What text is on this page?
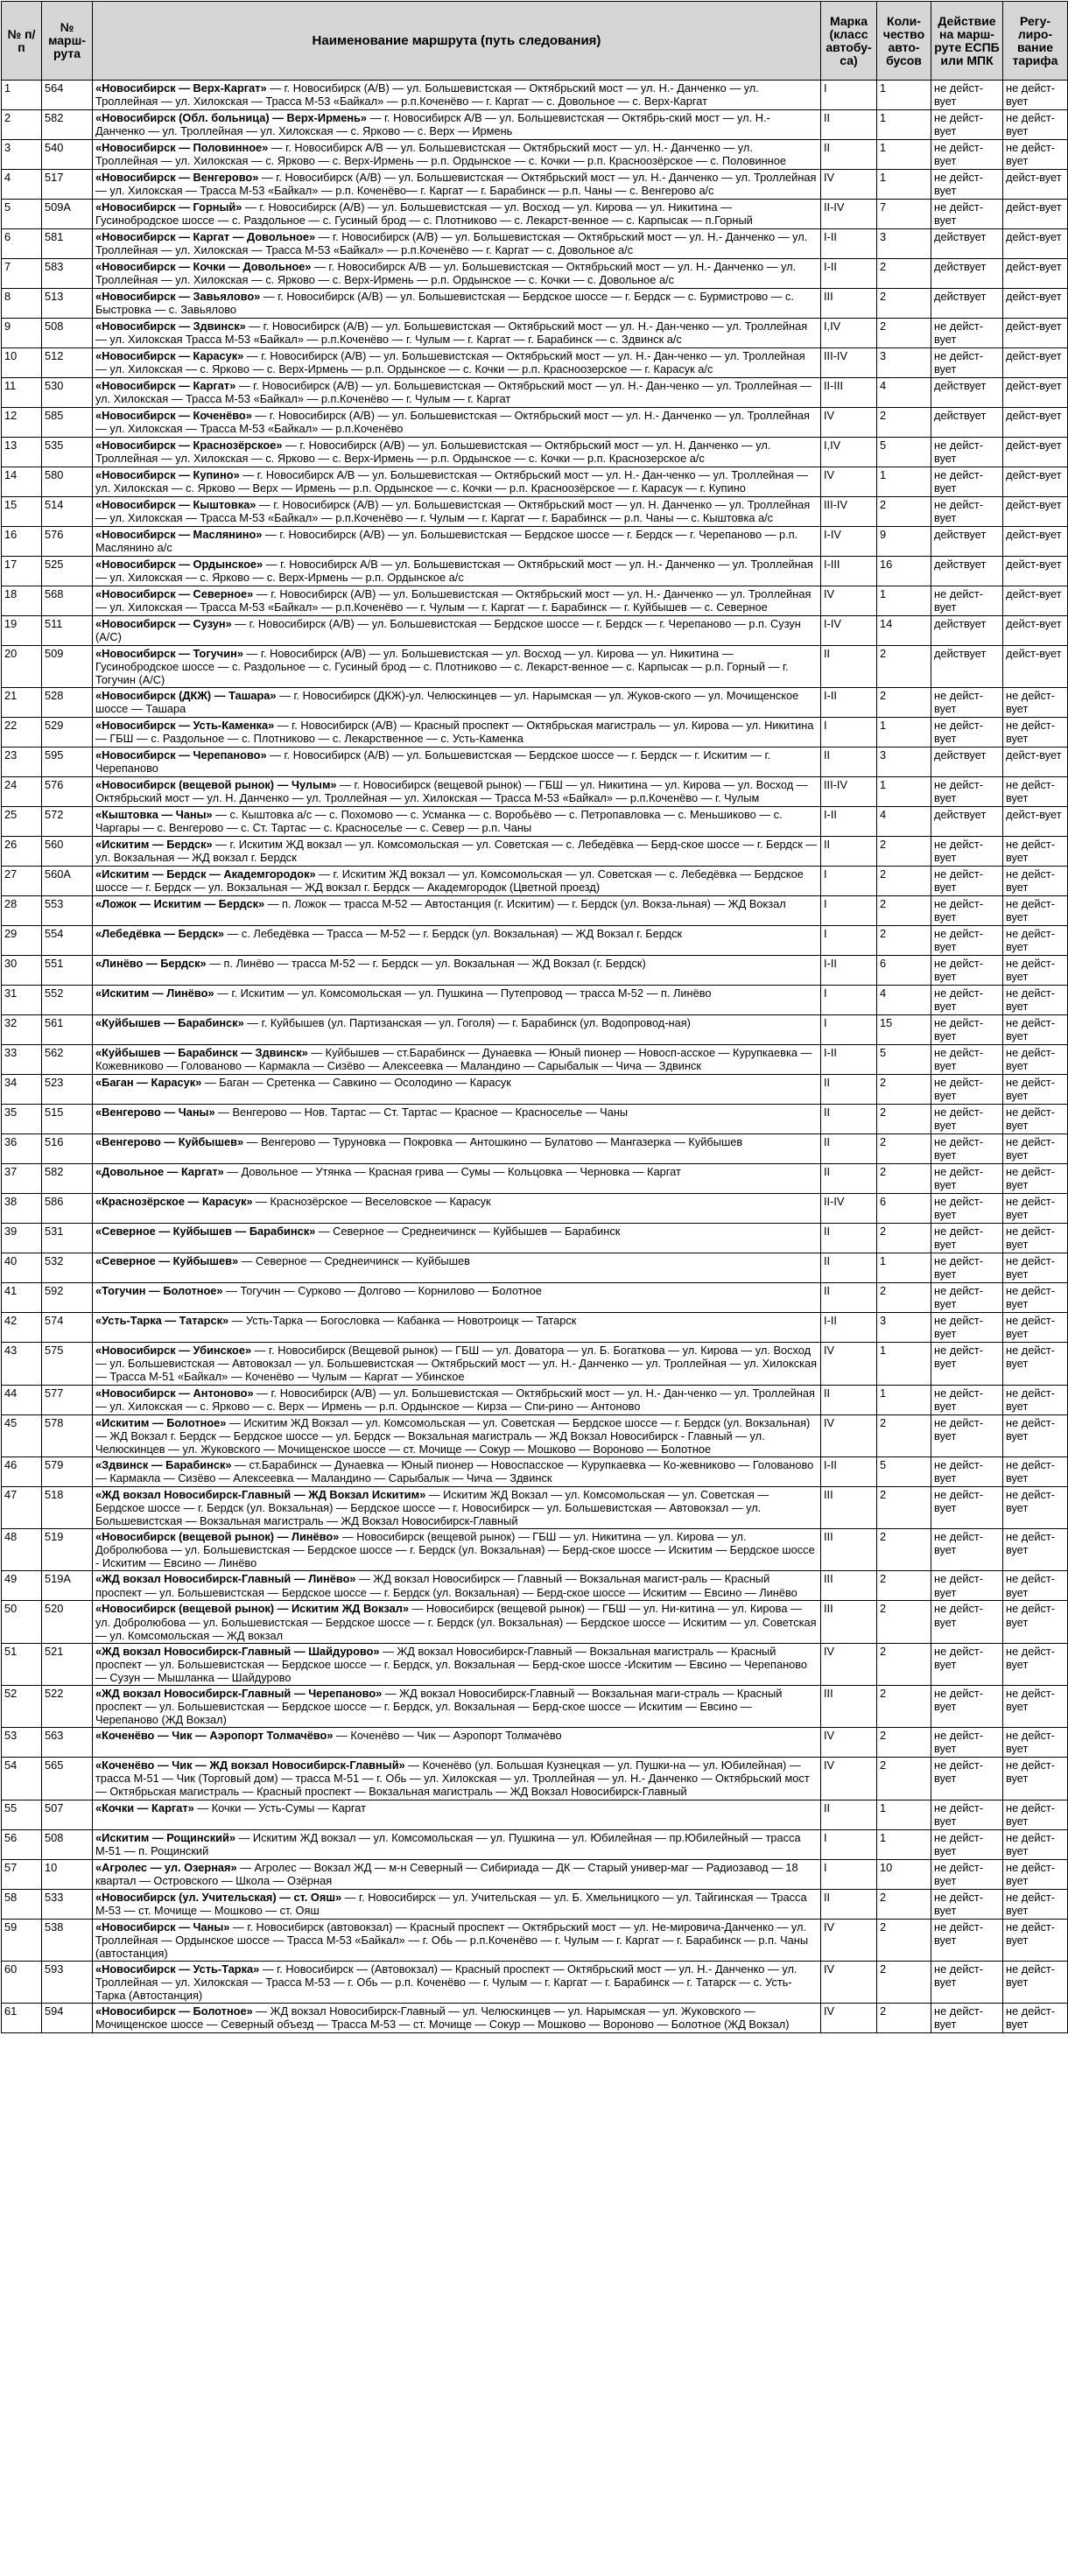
№ п/п	№ марш-рута	Наименование маршрута (путь следования)	Марка (класс автобу-са)	Коли-чество авто-бусов	Действие на марш-руте ЕСПБ или МПК	Регу-лиро-вание тарифа
1	564	«Новосибирск — Верх-Каргат» — г. Новосибирск (А/В) — ул. Большевистская — Октябрьский мост — ул. Н.- Данченко — ул. Троллейная — ул. Хилокская — Трасса М-53 «Байкал» — р.п.Коченёво — г. Каргат — с. Довольное — с. Верх-Каргат	I	1	не дейст-вует	не дейст-вует
2	582	«Новосибирск (Обл. больница) — Верх-Ирмень» — г. Новосибирск А/В — ул. Большевистская — Октябрь-ский мост — ул. Н.- Данченко — ул. Троллейная — ул. Хилокская — с. Ярково — с. Верх — Ирмень	II	1	не дейст-вует	не дейст-вует
3	540	«Новосибирск — Половинное» — г. Новосибирск А/В — ул. Большевистская — Октябрьский мост — ул. Н.- Данченко — ул. Троллейная — ул. Хилокская — с. Ярково — с. Верх-Ирмень — р.п. Ордынское — с. Кочки — р.п. Красноозёрское — с. Половинное	II	1	не дейст-вует	не дейст-вует
4	517	«Новосибирск — Венгерово» — г. Новосибирск (А/В) — ул. Большевистская — Октябрьский мост — ул. Н.- Данченко — ул. Троллейная — ул. Хилокская — Трасса М-53 «Байкал» — р.п. Коченёво— г. Каргат — г. Барабинск — р.п. Чаны — с. Венгерово а/с	IV	1	не дейст-вует	дейст-вует
5	509А	«Новосибирск — Горный» — г. Новосибирск (А/В) — ул. Большевистская — ул. Восход — ул. Кирова — ул. Никитина — Гусинобродское шоссе — с. Раздольное — с. Гусиный брод — с. Плотниково — с. Лекарст-венное — с. Карпысак — п.Горный	II-IV	7	не дейст-вует	дейст-вует
6	581	«Новосибирск — Каргат — Довольное» — г. Новосибирск (А/В) — ул. Большевистская — Октябрьский мост — ул. Н.- Данченко — ул. Троллейная — ул. Хилокская — Трасса М-53 «Байкал» — р.п.Коченёво — г. Каргат — с. Довольное а/с	I-II	3	действует	дейст-вует
7	583	«Новосибирск — Кочки — Довольное» — г. Новосибирск А/В — ул. Большевистская — Октябрьский мост — ул. Н.- Данченко — ул. Троллейная — ул. Хилокская — с. Ярково — с. Верх-Ирмень — р.п. Ордынское — с. Кочки — с. Довольное а/с	I-II	2	действует	дейст-вует
8	513	«Новосибирск — Завьялово» — г. Новосибирск (А/В) — ул. Большевистская — Бердское шоссе — г. Бердск — с. Бурмистрово — с. Быстровка — с. Завьялово	III	2	действует	дейст-вует
9	508	«Новосибирск — Здвинск» — г. Новосибирск (А/В) — ул. Большевистская — Октябрьский мост — ул. Н.- Дан-ченко — ул. Троллейная — ул. Хилокская Трасса М-53 «Байкал» — р.п.Коченёво — г. Чулым — г. Каргат — г. Барабинск — с. Здвинск а/с	I,IV	2	не дейст-вует	дейст-вует
10	512	«Новосибирск — Карасук» — г. Новосибирск (А/В) — ул. Большевистская — Октябрьский мост — ул. Н.- Дан-ченко — ул. Троллейная — ул. Хилокская — с. Ярково — с. Верх-Ирмень — р.п. Ордынское — с. Кочки — р.п. Красноозерское — г. Карасук а/с	III-IV	3	не дейст-вует	дейст-вует
11	530	«Новосибирск — Каргат» — г. Новосибирск (А/В) — ул. Большевистская — Октябрьский мост — ул. Н.- Дан-ченко — ул. Троллейная — ул. Хилокская — Трасса М-53 «Байкал» — р.п.Коченёво — г. Чулым — г. Каргат	II-III	4	действует	дейст-вует
12	585	«Новосибирск — Коченёво» — г. Новосибирск (А/В) — ул. Большевистская — Октябрьский мост — ул. Н.- Данченко — ул. Троллейная — ул. Хилокская — Трасса М-53 «Байкал» — р.п.Коченёво	IV	2	действует	дейст-вует
13	535	«Новосибирск — Краснозёрское» — г. Новосибирск (А/В) — ул. Большевистская — Октябрьский мост — ул. Н. Данченко — ул. Троллейная — ул. Хилокская — с. Ярково — с. Верх-Ирмень — р.п. Ордынское — с. Кочки — р.п. Краснозерское а/с	I,IV	5	не дейст-вует	дейст-вует
14	580	«Новосибирск — Купино» — г. Новосибирск А/В — ул. Большевистская — Октябрьский мост — ул. Н.- Дан-ченко — ул. Троллейная — ул. Хилокская — с. Ярково — Верх — Ирмень — р.п. Ордынское — с. Кочки — р.п. Красноозёрское — г. Карасук — г. Купино	IV	1	не дейст-вует	дейст-вует
15	514	«Новосибирск — Кыштовка» — г. Новосибирск (А/В) — ул. Большевистская — Октябрьский мост — ул. Н. Данченко — ул. Троллейная — ул. Хилокская — Трасса М-53 «Байкал» — р.п.Коченёво — г. Чулым — г. Каргат — г. Барабинск — р.п. Чаны — с. Кыштовка а/с	III-IV	2	не дейст-вует	дейст-вует
16	576	«Новосибирск — Маслянино» — г. Новосибирск (А/В) — ул. Большевистская — Бердское шоссе — г. Бердск — г. Черепаново — р.п. Маслянино а/с	I-IV	9	действует	дейст-вует
17	525	«Новосибирск — Ордынское» — г. Новосибирск А/В — ул. Большевистская — Октябрьский мост — ул. Н.- Данченко — ул. Троллейная — ул. Хилокская — с. Ярково — с. Верх-Ирмень — р.п. Ордынское а/с	I-III	16	действует	дейст-вует
18	568	«Новосибирск — Северное» — г. Новосибирск (А/В) — ул. Большевистская — Октябрьский мост — ул. Н.- Данченко — ул. Троллейная — ул. Хилокская — Трасса М-53 «Байкал» — р.п.Коченёво — г. Чулым — г. Каргат — г. Барабинск — г. Куйбышев — с. Северное	IV	1	не дейст-вует	дейст-вует
19	511	«Новосибирск — Сузун» — г. Новосибирск (А/В) — ул. Большевистская — Бердское шоссе — г. Бердск — г. Черепаново — р.п. Сузун (А/С)	I-IV	14	действует	дейст-вует
20	509	«Новосибирск — Тогучин» — г. Новосибирск (А/В) — ул. Большевистская — ул. Восход — ул. Кирова — ул. Никитина — Гусинобродское шоссе — с. Раздольное — с. Гусиный брод — с. Плотниково — с. Лекарст-венное — с. Карпысак — р.п. Горный — г. Тогучин (А/С)	II	2	действует	дейст-вует
21	528	«Новосибирск (ДКЖ) — Ташара» — г. Новосибирск (ДКЖ)-ул. Челюскинцев — ул. Нарымская — ул. Жуков-ского — ул. Мочищенское шоссе — Ташара	I-II	2	не дейст-вует	не дейст-вует
22	529	«Новосибирск — Усть-Каменка» — г. Новосибирск (А/В) — Красный проспект — Октябрьская магистраль — ул. Кирова — ул. Никитина — ГБШ — с. Раздольное — с. Плотниково — с. Лекарственное — с. Усть-Каменка	I	1	не дейст-вует	не дейст-вует
23	595	«Новосибирск — Черепаново» — г. Новосибирск (А/В) — ул. Большевистская — Бердское шоссе — г. Бердск — г. Искитим — г. Черепаново	II	3	действует	дейст-вует
24	576	«Новосибирск (вещевой рынок) — Чулым» — г. Новосибирск (вещевой рынок) — ГБШ — ул. Никитина — ул. Кирова — ул. Восход — Октябрьский мост — ул. Н. Данченко — ул. Троллейная — ул. Хилокская — Трасса М-53 «Байкал» — р.п.Коченёво — г. Чулым	III-IV	1	не дейст-вует	не дейст-вует
25	572	«Кыштовка — Чаны» — с. Кыштовка а/с — с. Похомово — с. Усманка — с. Воробьёво — с. Петропавловка — с. Меньшиково — с. Чаргары — с. Венгерово — с. Ст. Тартас — с. Красноселье — с. Север — р.п. Чаны	I-II	4	действует	дейст-вует
26	560	«Искитим — Бердск» — г. Искитим ЖД вокзал — ул. Комсомольская — ул. Советская — с. Лебедёвка — Берд-ское шоссе — г. Бердск — ул. Вокзальная — ЖД вокзал г. Бердск	II	2	не дейст-вует	не дейст-вует
27	560А	«Искитим — Бердск — Академгородок» — г. Искитим ЖД вокзал — ул. Комсомольская — ул. Советская — с. Лебедёвка — Бердское шоссе — г. Бердск — ул. Вокзальная — ЖД вокзал г. Бердск — Академгородок (Цветной проезд)	I	2	не дейст-вует	не дейст-вует
28	553	«Ложок — Искитим — Бердск» — п. Ложок — трасса М-52 — Автостанция (г. Искитим) — г. Бердск (ул. Вокза-льная) — ЖД Вокзал	I	2	не дейст-вует	не дейст-вует
29	554	«Лебедёвка — Бердск» — с. Лебедёвка — Трасса — М-52 — г. Бердск (ул. Вокзальная) — ЖД Вокзал г. Бердск	I	2	не дейст-вует	не дейст-вует
30	551	«Линёво — Бердск» — п. Линёво — трасса М-52 — г. Бердск — ул. Вокзальная — ЖД Вокзал (г. Бердск)	I-II	6	не дейст-вует	не дейст-вует
31	552	«Искитим — Линёво» — г. Искитим — ул. Комсомольская — ул. Пушкина — Путепровод — трасса М-52 — п. Линёво	I	4	не дейст-вует	не дейст-вует
32	561	«Куйбышев — Барабинск» — г. Куйбышев (ул. Партизанская — ул. Гоголя) — г. Барабинск (ул. Водопровод-ная)	I	15	не дейст-вует	не дейст-вует
33	562	«Куйбышев — Барабинск — Здвинск» — Куйбышев — ст.Барабинск — Дунаевка — Юный пионер — Новосп-асское — Курупкаевка — Кожевниково — Голованово — Кармакла — Сизёво — Алексеевка — Маландино — Сарыбалык — Чича — Здвинск	I-II	5	не дейст-вует	не дейст-вует
34	523	«Баган — Карасук» — Баган — Сретенка — Савкино — Осолодино — Карасук	II	2	не дейст-вует	не дейст-вует
35	515	«Венгерово — Чаны» — Венгерово — Нов. Тартас — Ст. Тартас — Красное — Красноселье — Чаны	II	2	не дейст-вует	не дейст-вует
36	516	«Венгерово — Куйбышев» — Венгерово — Туруновка — Покровка — Антошкино — Булатово — Мангазерка — Куйбышев	II	2	не дейст-вует	не дейст-вует
37	582	«Довольное — Каргат» — Довольное — Утянка — Красная грива — Сумы — Кольцовка — Черновка — Каргат	II	2	не дейст-вует	не дейст-вует
38	586	«Краснозёрское — Карасук» — Краснозёрское — Веселовское — Карасук	II-IV	6	не дейст-вует	не дейст-вует
39	531	«Северное — Куйбышев — Барабинск» — Северное — Среднеичинск — Куйбышев — Барабинск	II	2	не дейст-вует	не дейст-вует
40	532	«Северное — Куйбышев» — Северное — Среднеичинск — Куйбышев	II	1	не дейст-вует	не дейст-вует
41	592	«Тогучин — Болотное» — Тогучин — Сурково — Долгово — Корнилово — Болотное	II	2	не дейст-вует	не дейст-вует
42	574	«Усть-Тарка — Татарск» — Усть-Тарка — Богословка — Кабанка — Новотроицк — Татарск	I-II	3	не дейст-вует	не дейст-вует
43	575	«Новосибирск — Убинское» — г. Новосибирск (Вещевой рынок) — ГБШ — ул. Доватора — ул. Б. Богаткова — ул. Кирова — ул. Восход — ул. Большевистская — Автовокзал — ул. Большевистская — Октябрьский мост — ул. Н.- Данченко — ул. Троллейная — ул. Хилокская — Трасса М-51 «Байкал» — Коченёво — Чулым — Каргат — Убинское	IV	1	не дейст-вует	не дейст-вует
44	577	«Новосибирск — Антоново» — г. Новосибирск (А/В) — ул. Большевистская — Октябрьский мост — ул. Н.- Дан-ченко — ул. Троллейная — ул. Хилокская — с. Ярково — с. Верх — Ирмень — р.п. Ордынское — Кирза — Спи-рино — Антоново	II	1	не дейст-вует	не дейст-вует
45	578	«Искитим — Болотное» — Искитим ЖД Вокзал — ул. Комсомольская — ул. Советская — Бердское шоссе — г. Бердск (ул. Вокзальная) — ЖД Вокзал г. Бердск — Бердское шоссе — ул. Бердск — Вокзальная магистраль — ЖД Вокзал Новосибирск - Главный — ул. Челюскинцев — ул. Жуковского — Мочищенское шоссе — ст. Мочище — Сокур — Мошково — Вороново — Болотное	IV	2	не дейст-вует	не дейст-вует
46	579	«Здвинск — Барабинск» — ст.Барабинск — Дунаевка — Юный пионер — Новоспасское — Курупкаевка — Ко-жевниково — Голованово — Кармакла — Сизёво — Алексеевка — Маландино — Сарыбалык — Чича — Здвинск	I-II	5	не дейст-вует	не дейст-вует
47	518	«ЖД вокзал Новосибирск-Главный — ЖД Вокзал Искитим» — Искитим ЖД Вокзал — ул. Комсомольская — ул. Советская — Бердское шоссе — г. Бердск (ул. Вокзальная) — Бердское шоссе — г. Новосибирск — ул. Большевистская — Автовокзал — ул. Большевистская — Вокзальная магистраль — ЖД Вокзал Новосибирск-Главный	III	2	не дейст-вует	не дейст-вует
48	519	«Новосибирск (вещевой рынок) — Линёво» — Новосибирск (вещевой рынок) — ГБШ — ул. Никитина — ул. Кирова — ул. Добролюбова — ул. Большевистская — Бердское шоссе — г. Бердск (ул. Вокзальная) — Берд-ское шоссе — Искитим — Бердское шоссе - Искитим — Евсино — Линёво	III	2	не дейст-вует	не дейст-вует
49	519А	«ЖД вокзал Новосибирск-Главный — Линёво» — ЖД вокзал Новосибирск — Главный — Вокзальная магист-раль — Красный проспект — ул. Большевистская — Бердское шоссе — г. Бердск (ул. Вокзальная) — Берд-ское шоссе — Искитим — Евсино — Линёво	III	2	не дейст-вует	не дейст-вует
50	520	«Новосибирск (вещевой рынок) — Искитим ЖД Вокзал» — Новосибирск (вещевой рынок) — ГБШ — ул. Ни-китина — ул. Кирова — ул. Добролюбова — ул. Большевистская — Бердское шоссе — г. Бердск (ул. Вокзальная) — Бердское шоссе — Искитим — ул. Советская — ул. Комсомольская — ЖД вокзал	III	2	не дейст-вует	не дейст-вует
51	521	«ЖД вокзал Новосибирск-Главный — Шайдурово» — ЖД вокзал Новосибирск-Главный — Вокзальная магистраль — Красный проспект — ул. Большевистская — Бердское шоссе — г. Бердск, ул. Вокзальная — Берд-ское шоссе -Искитим — Евсино — Черепаново — Сузун — Мышланка — Шайдурово	IV	2	не дейст-вует	не дейст-вует
52	522	«ЖД вокзал Новосибирск-Главный — Черепаново» — ЖД вокзал Новосибирск-Главный — Вокзальная маги-страль — Красный проспект — ул. Большевистская — Бердское шоссе — г. Бердск, ул. Вокзальная — Берд-ское шоссе — Искитим — Евсино — Черепаново (ЖД Вокзал)	III	2	не дейст-вует	не дейст-вует
53	563	«Коченёво — Чик — Аэропорт Толмачёво» — Коченёво — Чик — Аэропорт Толмачёво	IV	2	не дейст-вует	не дейст-вует
54	565	«Коченёво — Чик — ЖД вокзал Новосибирск-Главный» — Коченёво (ул. Большая Кузнецкая — ул. Пушки-на — ул. Юбилейная) — трасса М-51 — Чик (Торговый дом) — трасса М-51 — г. Обь — ул. Хилокская — ул. Троллейная — ул. Н.- Данченко — Октябрьский мост — Октябрьская магистраль — Красный проспект — Вокзальная магистраль — ЖД Вокзал Новосибирск-Главный	IV	2	не дейст-вует	не дейст-вует
55	507	«Кочки — Каргат» — Кочки — Усть-Сумы — Каргат	II	1	не дейст-вует	не дейст-вует
56	508	«Искитим — Рощинский» — Искитим ЖД вокзал — ул. Комсомольская — ул. Пушкина — ул. Юбилейная — пр.Юбилейный — трасса М-51 — п. Рощинский	I	1	не дейст-вует	не дейст-вует
57	10	«Агролес — ул. Озерная» — Агролес — Вокзал ЖД — м-н Северный — Сибириада — ДК — Старый универ-маг — Радиозавод — 18 квартал — Островского — Школа — Озёрная	I	10	не дейст-вует	не дейст-вует
58	533	«Новосибирск (ул. Учительская) — ст. Ояш» — г. Новосибирск — ул. Учительская — ул. Б. Хмельницкого — ул. Тайгинская — Трасса М-53 — ст. Мочище — Мошково — ст. Ояш	II	2	не дейст-вует	не дейст-вует
59	538	«Новосибирск — Чаны» — г. Новосибирск (автовокзал) — Красный проспект — Октябрьский мост — ул. Не-мировича-Данченко — ул. Троллейная — Ордынское шоссе — Трасса М-53 «Байкал» — г. Обь — р.п.Коченёво — г. Чулым — г. Каргат — г. Барабинск — р.п. Чаны (автостанция)	IV	2	не дейст-вует	не дейст-вует
60	593	«Новосибирск — Усть-Тарка» — г. Новосибирск — (Автовокзал) — Красный проспект — Октябрьский мост — ул. Н.- Данченко — ул. Троллейная — ул. Хилокская — Трасса М-53 — г. Обь — р.п. Коченёво — г. Чулым — г. Каргат — г. Барабинск — г. Татарск — с. Усть-Тарка (Автостанция)	IV	2	не дейст-вует	не дейст-вует
61	594	«Новосибирск — Болотное» — ЖД вокзал Новосибирск-Главный — ул. Челюскинцев — ул. Нарымская — ул. Жуковского — Мочищенское шоссе — Северный объезд — Трасса М-53 — ст. Мочище — Сокур — Мошково — Вороново — Болотное (ЖД Вокзал)	IV	2	не дейст-вует	не дейст-вует
